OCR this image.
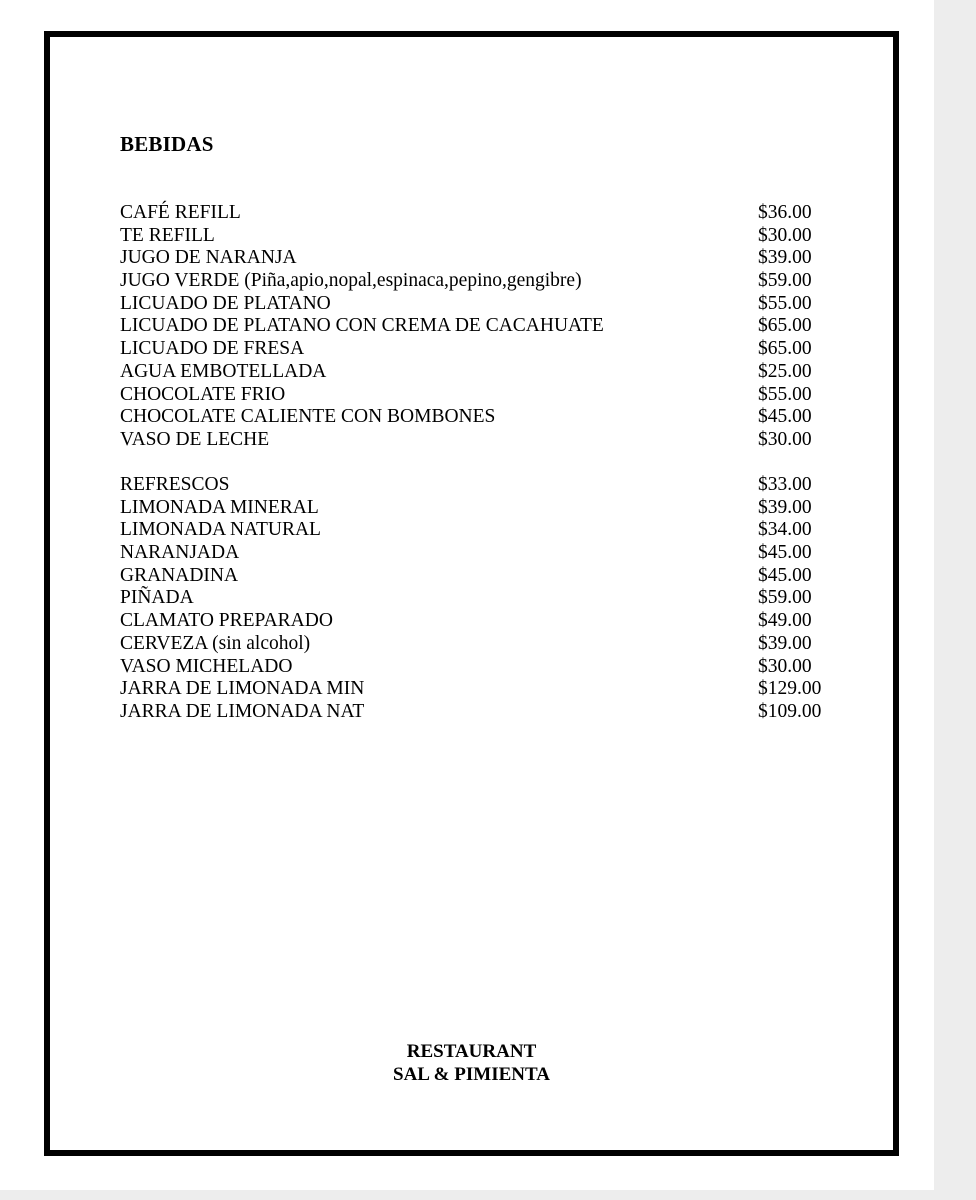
BEBIDAS
CAFÉ REFILL	$36.00
TE REFILL	$30.00
JUGO DE NARANJA	$39.00
JUGO VERDE (Piña,apio,nopal,espinaca,pepino,gengibre)	$59.00
LICUADO DE PLATANO	$55.00
LICUADO DE PLATANO CON CREMA DE CACAHUATE	$65.00
LICUADO DE FRESA	$65.00
AGUA EMBOTELLADA	$25.00
CHOCOLATE FRIO	$55.00
CHOCOLATE CALIENTE CON BOMBONES	$45.00
VASO DE LECHE	$30.00
REFRESCOS	$33.00
LIMONADA MINERAL	$39.00
LIMONADA NATURAL	$34.00
NARANJADA	$45.00
GRANADINA	$45.00
PIÑADA	$59.00
CLAMATO PREPARADO	$49.00
CERVEZA (sin alcohol)	$39.00
VASO MICHELADO	$30.00
JARRA DE LIMONADA MIN	$129.00
JARRA DE LIMONADA NAT	$109.00
RESTAURANT
SAL & PIMIENTA
